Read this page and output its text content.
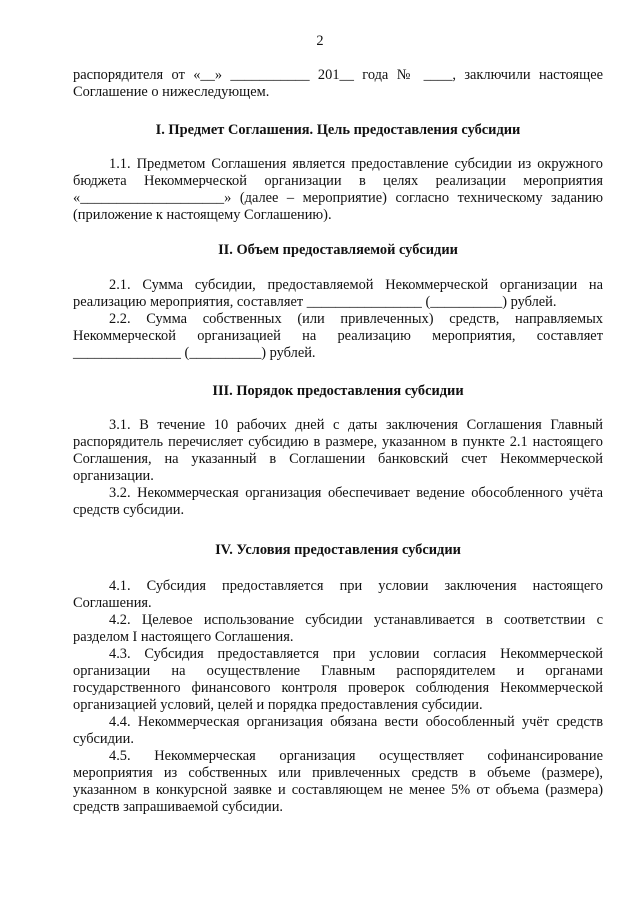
2

распорядителя от «__» ___________ 201__ года № ____, заключили настоящее Соглашение о нижеследующем.

I. Предмет Соглашения. Цель предоставления субсидии

1.1. Предметом Соглашения является предоставление субсидии из окружного бюджета Некоммерческой организации в целях реализации мероприятия «____________________» (далее – мероприятие) согласно техническому заданию (приложение к настоящему Соглашению).

II. Объем предоставляемой субсидии

2.1. Сумма субсидии, предоставляемой Некоммерческой организации на реализацию мероприятия, составляет ________________ (__________) рублей.

2.2. Сумма собственных (или привлеченных) средств, направляемых Некоммерческой организацией на реализацию мероприятия, составляет _______________ (__________) рублей.

III. Порядок предоставления субсидии

3.1. В течение 10 рабочих дней с даты заключения Соглашения Главный распорядитель перечисляет субсидию в размере, указанном в пункте 2.1 настоящего Соглашения, на указанный в Соглашении банковский счет Некоммерческой организации.

3.2. Некоммерческая организация обеспечивает ведение обособленного учёта средств субсидии.

IV. Условия предоставления субсидии

4.1. Субсидия предоставляется при условии заключения настоящего Соглашения.

4.2. Целевое использование субсидии устанавливается в соответствии с разделом I настоящего Соглашения.

4.3. Субсидия предоставляется при условии согласия Некоммерческой организации на осуществление Главным распорядителем и органами государственного финансового контроля проверок соблюдения Некоммерческой организацией условий, целей и порядка предоставления субсидии.

4.4. Некоммерческая организация обязана вести обособленный учёт средств субсидии.

4.5. Некоммерческая организация осуществляет софинансирование мероприятия из собственных или привлеченных средств в объеме (размере), указанном в конкурсной заявке и составляющем не менее 5% от объема (размера) средств запрашиваемой субсидии.
